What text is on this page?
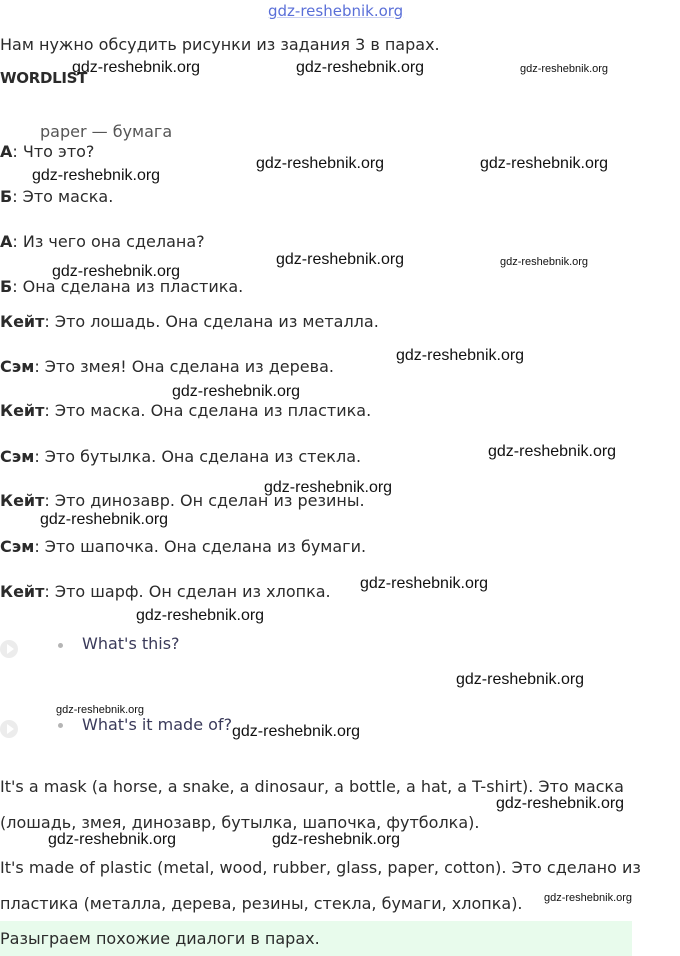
gdz-reshebnik.org
Нам нужно обсудить рисунки из задания 3 в парах.
WORDLIST
paper — бумага
А: Что это?
Б: Это маска.
А: Из чего она сделана?
Б: Она сделана из пластика.
Кейт: Это лошадь. Она сделана из металла.
Сэм: Это змея! Она сделана из дерева.
Кейт: Это маска. Она сделана из пластика.
Сэм: Это бутылка. Она сделана из стекла.
Кейт: Это динозавр. Он сделан из резины.
Сэм: Это шапочка. Она сделана из бумаги.
Кейт: Это шарф. Он сделан из хлопка.
What's this?
What's it made of?
It's a mask (a horse, a snake, a dinosaur, a bottle, a hat, a T-shirt). Это маска
(лошадь, змея, динозавр, бутылка, шапочка, футболка).
It's made of plastic (metal, wood, rubber, glass, paper, cotton). Это сделано из
пластика (металла, дерева, резины, стекла, бумаги, хлопка).
Разыграем похожие диалоги в парах.
gdz-reshebnik.org	gdz-reshebnik.org	gdz-reshebnik.org
gdz-reshebnik.org	gdz-reshebnik.org
gdz-reshebnik.org
gdz-reshebnik.org	gdz-reshebnik.org
gdz-reshebnik.org
gdz-reshebnik.org
gdz-reshebnik.org
gdz-reshebnik.org
gdz-reshebnik.org
gdz-reshebnik.org
gdz-reshebnik.org
gdz-reshebnik.org
gdz-reshebnik.org
gdz-reshebnik.org
gdz-reshebnik.org
gdz-reshebnik.org
gdz-reshebnik.org	gdz-reshebnik.org
gdz-reshebnik.org
